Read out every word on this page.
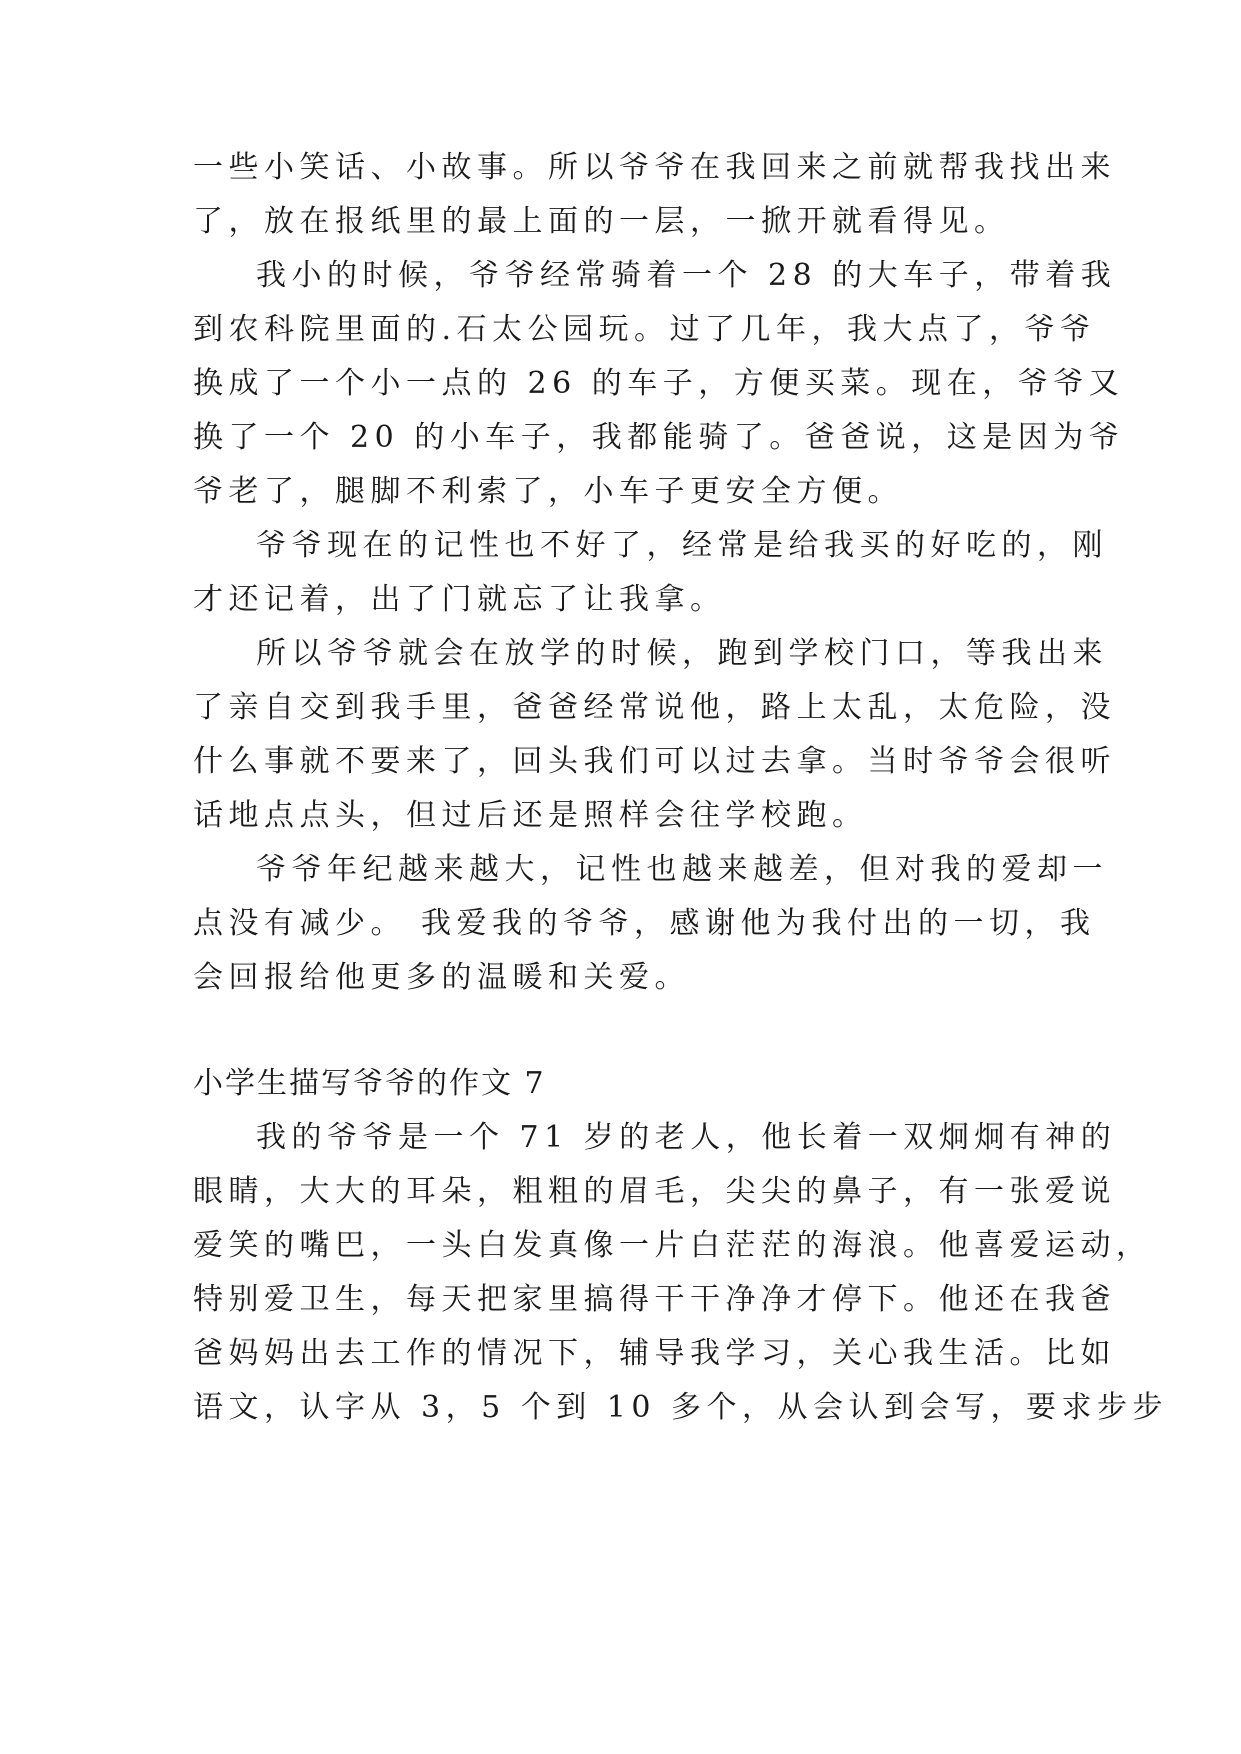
一些小笑话、小故事。所以爷爷在我回来之前就帮我找出来
了，放在报纸里的最上面的一层，一掀开就看得见。
我小的时候，爷爷经常骑着一个 28 的大车子，带着我
到农科院里面的.石太公园玩。过了几年，我大点了，爷爷
换成了一个小一点的 26 的车子，方便买菜。现在，爷爷又
换了一个 20 的小车子，我都能骑了。爸爸说，这是因为爷
爷老了，腿脚不利索了，小车子更安全方便。
爷爷现在的记性也不好了，经常是给我买的好吃的，刚
才还记着，出了门就忘了让我拿。
所以爷爷就会在放学的时候，跑到学校门口，等我出来
了亲自交到我手里，爸爸经常说他，路上太乱，太危险，没
什么事就不要来了，回头我们可以过去拿。当时爷爷会很听
话地点点头，但过后还是照样会往学校跑。
爷爷年纪越来越大，记性也越来越差，但对我的爱却一
点没有减少。 我爱我的爷爷，感谢他为我付出的一切，我
会回报给他更多的温暖和关爱。
小学生描写爷爷的作文 7
我的爷爷是一个 71 岁的老人，他长着一双炯炯有神的
眼睛，大大的耳朵，粗粗的眉毛，尖尖的鼻子，有一张爱说
爱笑的嘴巴，一头白发真像一片白茫茫的海浪。他喜爱运动，
特别爱卫生，每天把家里搞得干干净净才停下。他还在我爸
爸妈妈出去工作的情况下，辅导我学习，关心我生活。比如
语文，认字从 3，5 个到 10 多个，从会认到会写，要求步步
